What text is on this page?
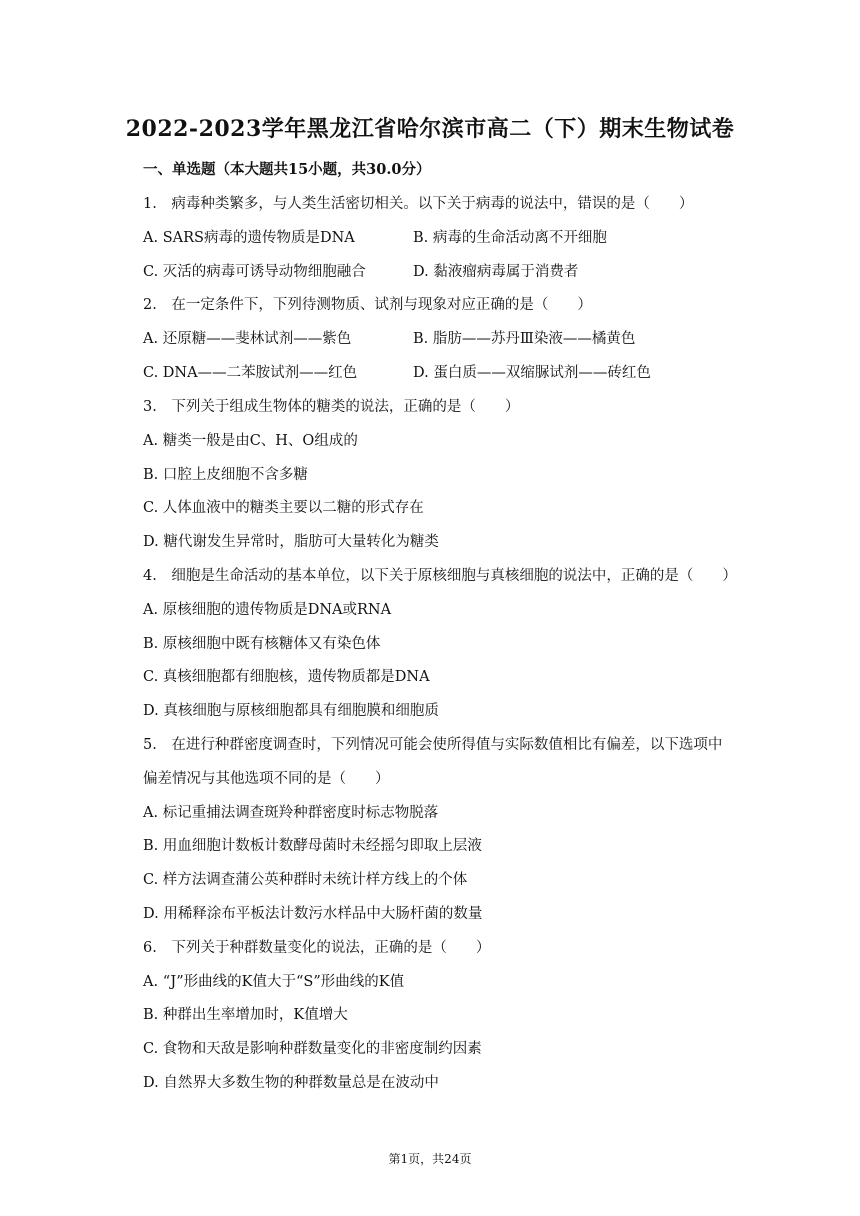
2022-2023学年黑龙江省哈尔滨市高二（下）期末生物试卷
一、单选题（本大题共15小题，共30.0分）
1.　病毒种类繁多，与人类生活密切相关。以下关于病毒的说法中，错误的是（　　）
A. SARS病毒的遗传物质是DNA	B. 病毒的生命活动离不开细胞
C. 灭活的病毒可诱导动物细胞融合	D. 黏液瘤病毒属于消费者
2.　在一定条件下，下列待测物质、试剂与现象对应正确的是（　　）
A. 还原糖——斐林试剂——紫色	B. 脂肪——苏丹Ⅲ染液——橘黄色
C. DNA——二苯胺试剂——红色	D. 蛋白质——双缩脲试剂——砖红色
3.　下列关于组成生物体的糖类的说法，正确的是（　　）
A. 糖类一般是由C、H、O组成的
B. 口腔上皮细胞不含多糖
C. 人体血液中的糖类主要以二糖的形式存在
D. 糖代谢发生异常时，脂肪可大量转化为糖类
4.　细胞是生命活动的基本单位，以下关于原核细胞与真核细胞的说法中，正确的是（　　）
A. 原核细胞的遗传物质是DNA或RNA
B. 原核细胞中既有核糖体又有染色体
C. 真核细胞都有细胞核，遗传物质都是DNA
D. 真核细胞与原核细胞都具有细胞膜和细胞质
5.　在进行种群密度调查时，下列情况可能会使所得值与实际数值相比有偏差，以下选项中
偏差情况与其他选项不同的是（　　）
A. 标记重捕法调查斑羚种群密度时标志物脱落
B. 用血细胞计数板计数酵母菌时未经摇匀即取上层液
C. 样方法调查蒲公英种群时未统计样方线上的个体
D. 用稀释涂布平板法计数污水样品中大肠杆菌的数量
6.　下列关于种群数量变化的说法，正确的是（　　）
A. “J”形曲线的K值大于“S”形曲线的K值
B. 种群出生率增加时，K值增大
C. 食物和天敌是影响种群数量变化的非密度制约因素
D. 自然界大多数生物的种群数量总是在波动中
第1页，共24页
